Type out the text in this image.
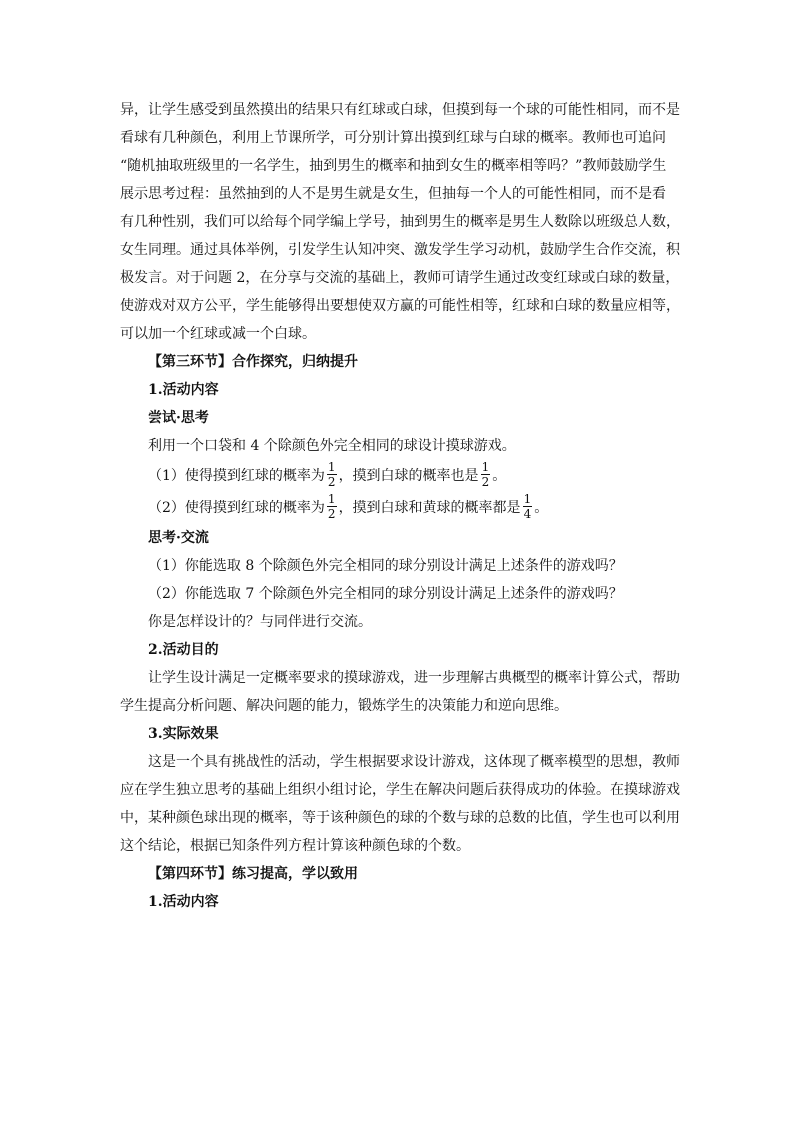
异，让学生感受到虽然摸出的结果只有红球或白球，但摸到每一个球的可能性相同，而不是
看球有几种颜色，利用上节课所学，可分别计算出摸到红球与白球的概率。教师也可追问
“随机抽取班级里的一名学生，抽到男生的概率和抽到女生的概率相等吗？”教师鼓励学生
展示思考过程：虽然抽到的人不是男生就是女生，但抽每一个人的可能性相同，而不是看
有几种性别，我们可以给每个同学编上学号，抽到男生的概率是男生人数除以班级总人数，
女生同理。通过具体举例，引发学生认知冲突、激发学生学习动机，鼓励学生合作交流，积
极发言。对于问题 2，在分享与交流的基础上，教师可请学生通过改变红球或白球的数量，
使游戏对双方公平，学生能够得出要想使双方赢的可能性相等，红球和白球的数量应相等，
可以加一个红球或减一个白球。
【第三环节】合作探究，归纳提升
1.活动内容
尝试·思考
利用一个口袋和 4 个除颜色外完全相同的球设计摸球游戏。
（1）使得摸到红球的概率为 $\frac{1}{2}$ ，摸到白球的概率也是 $\frac{1}{2}$ 。
（2）使得摸到红球的概率为 $\frac{1}{2}$ ，摸到白球和黄球的概率都是 $\frac{1}{4}$ 。
思考·交流
（1）你能选取 8 个除颜色外完全相同的球分别设计满足上述条件的游戏吗？
（2）你能选取 7 个除颜色外完全相同的球分别设计满足上述条件的游戏吗？
你是怎样设计的？与同伴进行交流。
2.活动目的
让学生设计满足一定概率要求的摸球游戏，进一步理解古典概型的概率计算公式，帮助
学生提高分析问题、解决问题的能力，锻炼学生的决策能力和逆向思维。
3.实际效果
这是一个具有挑战性的活动，学生根据要求设计游戏，这体现了概率模型的思想，教师
应在学生独立思考的基础上组织小组讨论，学生在解决问题后获得成功的体验。在摸球游戏
中，某种颜色球出现的概率，等于该种颜色的球的个数与球的总数的比值，学生也可以利用
这个结论，根据已知条件列方程计算该种颜色球的个数。
【第四环节】练习提高，学以致用
1.活动内容
